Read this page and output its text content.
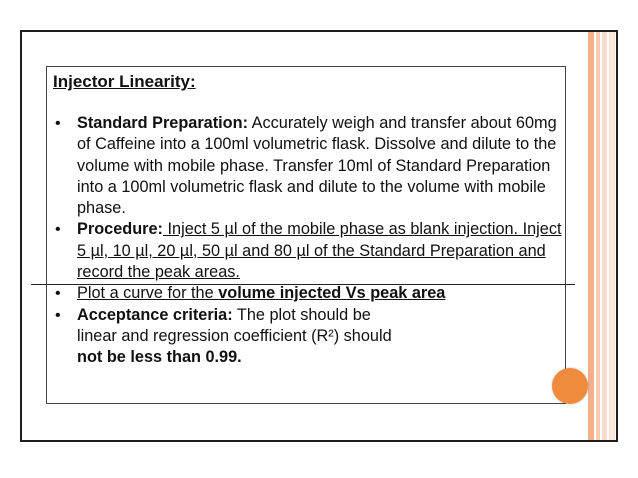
Injector Linearity:
• Standard Preparation: Accurately weigh and transfer about 60mg of Caffeine into a 100ml volumetric flask. Dissolve and dilute to the volume with mobile phase. Transfer 10ml of Standard Preparation into a 100ml volumetric flask and dilute to the volume with mobile phase.
• Procedure: Inject 5 µl of the mobile phase as blank injection. Inject 5 µl, 10 µl, 20 µl, 50 µl and 80 µl of the Standard Preparation and record the peak areas.
• Plot a curve for the volume injected Vs peak area
• Acceptance criteria: The plot should be
linear and regression coefficient (R²) should
not be less than 0.99.
